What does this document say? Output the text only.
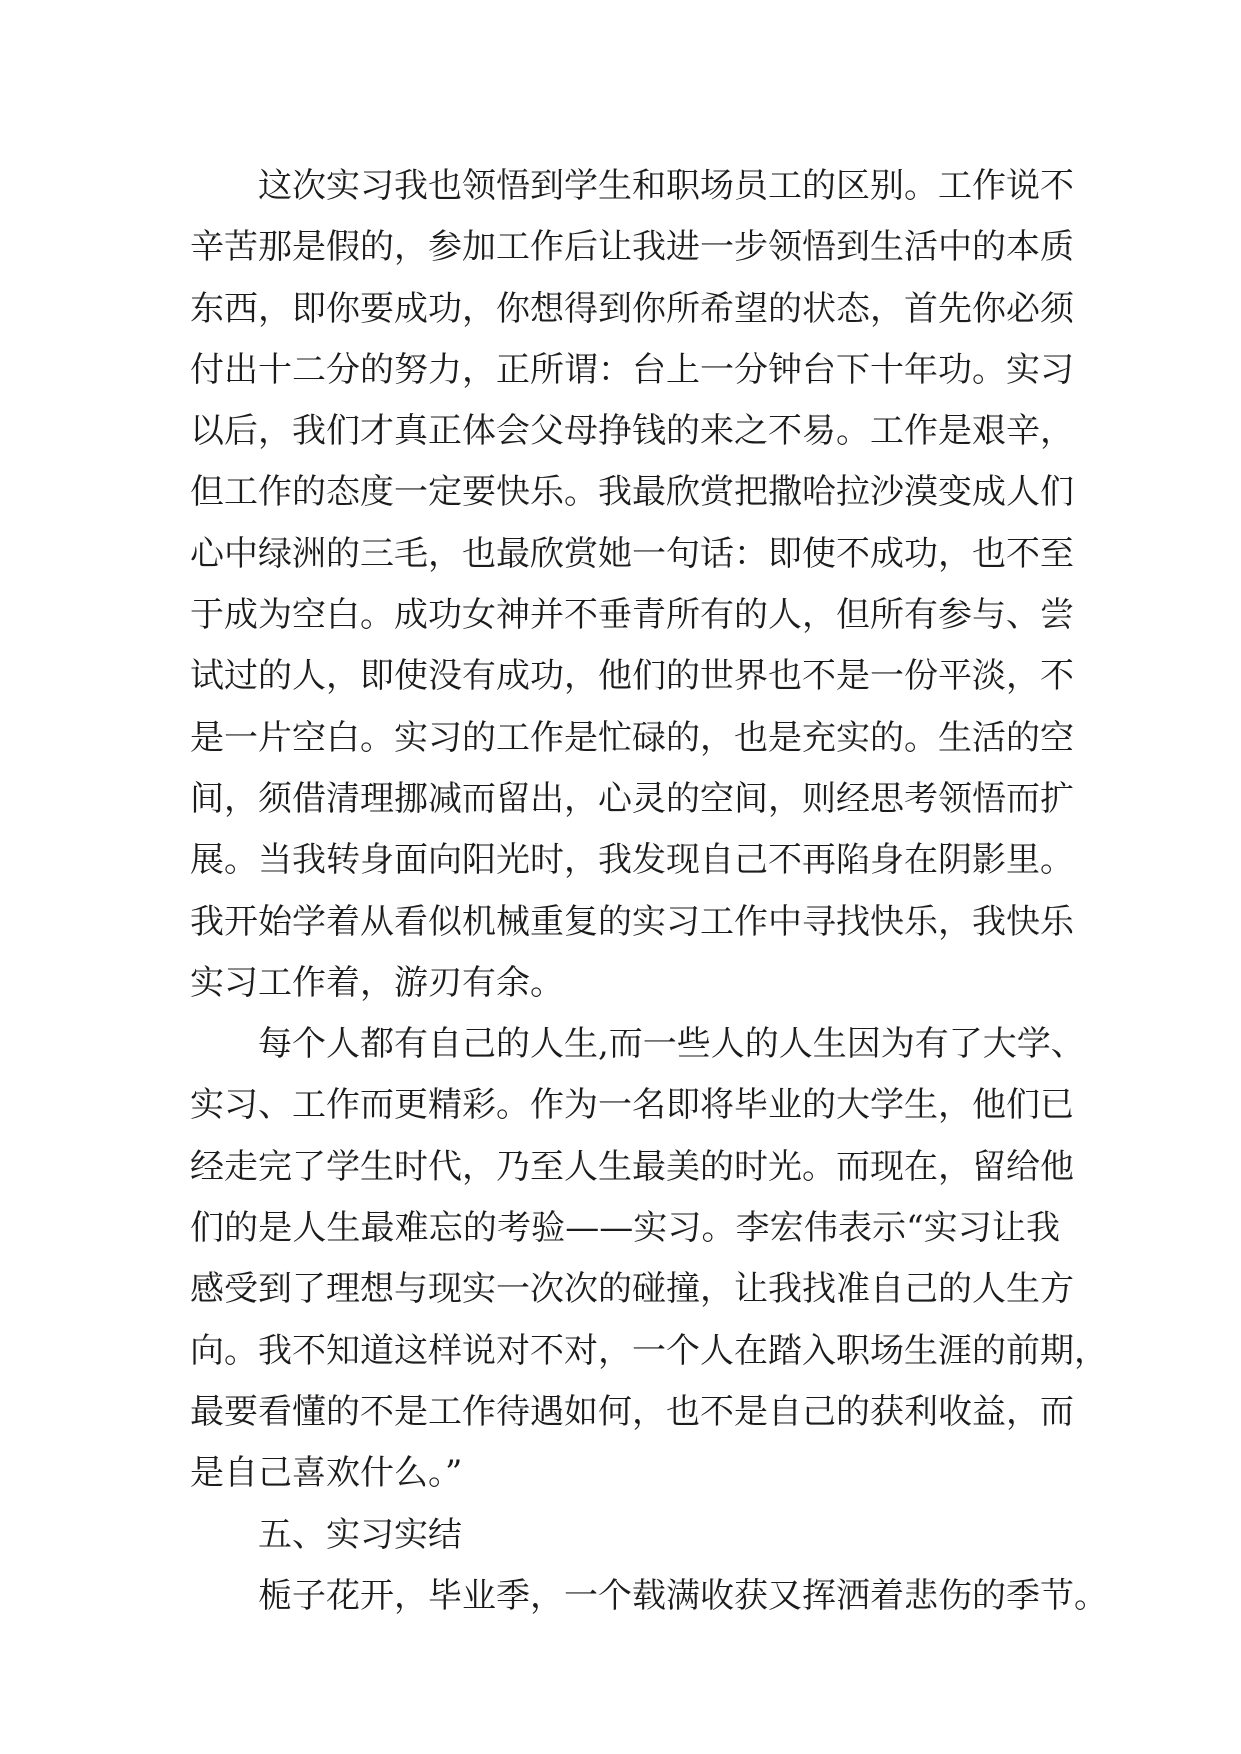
这次实习我也领悟到学生和职场员工的区别。工作说不
辛苦那是假的，参加工作后让我进一步领悟到生活中的本质
东西，即你要成功，你想得到你所希望的状态，首先你必须
付出十二分的努力，正所谓：台上一分钟台下十年功。实习
以后，我们才真正体会父母挣钱的来之不易。工作是艰辛，
但工作的态度一定要快乐。我最欣赏把撒哈拉沙漠变成人们
心中绿洲的三毛，也最欣赏她一句话：即使不成功，也不至
于成为空白。成功女神并不垂青所有的人，但所有参与、尝
试过的人，即使没有成功，他们的世界也不是一份平淡，不
是一片空白。实习的工作是忙碌的，也是充实的。生活的空
间，须借清理挪减而留出，心灵的空间，则经思考领悟而扩
展。当我转身面向阳光时，我发现自己不再陷身在阴影里。
我开始学着从看似机械重复的实习工作中寻找快乐，我快乐
实习工作着，游刃有余。
每个人都有自己的人生,而一些人的人生因为有了大学、
实习、工作而更精彩。作为一名即将毕业的大学生，他们已
经走完了学生时代，乃至人生最美的时光。而现在，留给他
们的是人生最难忘的考验——实习。李宏伟表示“实习让我
感受到了理想与现实一次次的碰撞，让我找准自己的人生方
向。我不知道这样说对不对，一个人在踏入职场生涯的前期，
最要看懂的不是工作待遇如何，也不是自己的获利收益，而
是自己喜欢什么。”
五、实习实结
栀子花开，毕业季，一个载满收获又挥洒着悲伤的季节。
